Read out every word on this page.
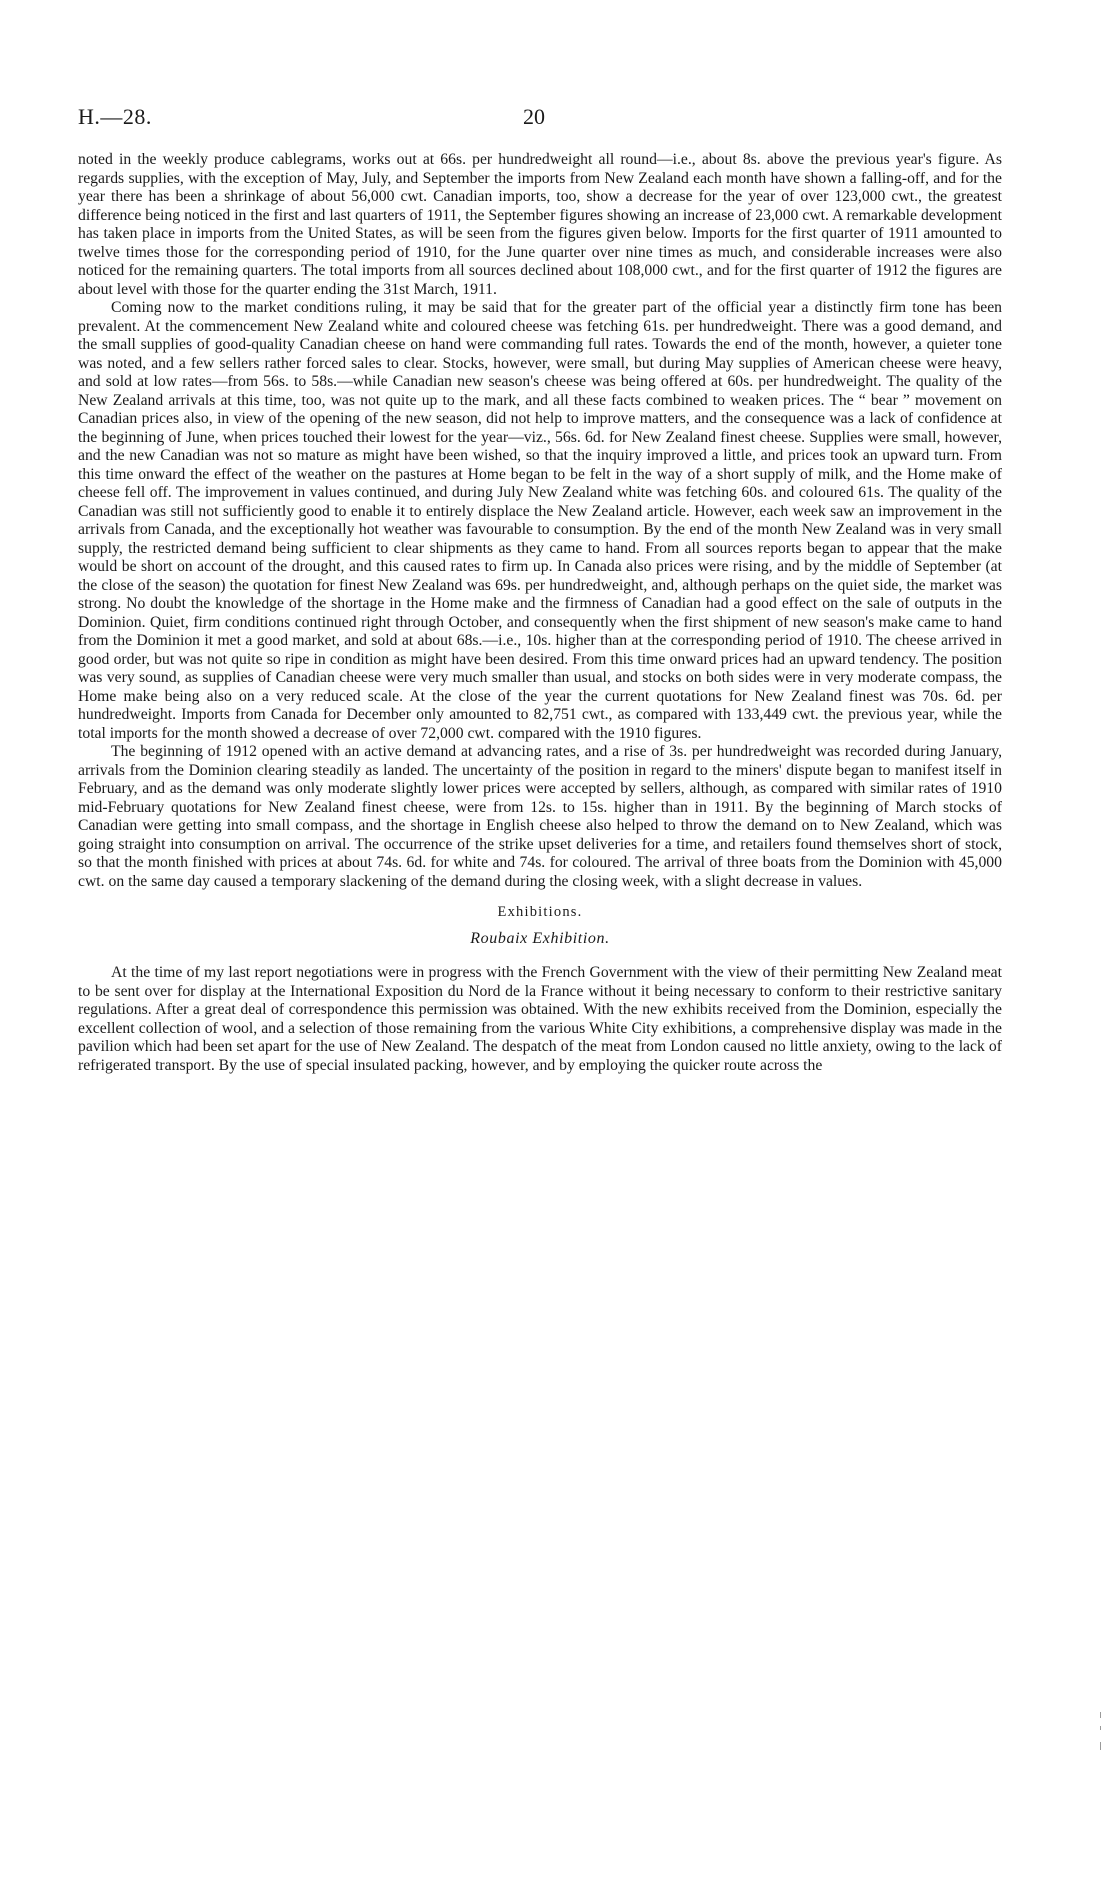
H.—28.	20

noted in the weekly produce cablegrams, works out at 66s. per hundredweight all round—i.e., about 8s. above the previous year's figure. As regards supplies, with the exception of May, July, and September the imports from New Zealand each month have shown a falling-off, and for the year there has been a shrinkage of about 56,000 cwt. Canadian imports, too, show a decrease for the year of over 123,000 cwt., the greatest difference being noticed in the first and last quarters of 1911, the September figures showing an increase of 23,000 cwt. A remarkable development has taken place in imports from the United States, as will be seen from the figures given below. Imports for the first quarter of 1911 amounted to twelve times those for the corresponding period of 1910, for the June quarter over nine times as much, and considerable increases were also noticed for the remaining quarters. The total imports from all sources declined about 108,000 cwt., and for the first quarter of 1912 the figures are about level with those for the quarter ending the 31st March, 1911.

Coming now to the market conditions ruling, it may be said that for the greater part of the official year a distinctly firm tone has been prevalent. At the commencement New Zealand white and coloured cheese was fetching 61s. per hundredweight. There was a good demand, and the small supplies of good-quality Canadian cheese on hand were commanding full rates. Towards the end of the month, however, a quieter tone was noted, and a few sellers rather forced sales to clear. Stocks, however, were small, but during May supplies of American cheese were heavy, and sold at low rates—from 56s. to 58s.—while Canadian new season's cheese was being offered at 60s. per hundredweight. The quality of the New Zealand arrivals at this time, too, was not quite up to the mark, and all these facts combined to weaken prices. The “ bear ” movement on Canadian prices also, in view of the opening of the new season, did not help to improve matters, and the consequence was a lack of confidence at the beginning of June, when prices touched their lowest for the year—viz., 56s. 6d. for New Zealand finest cheese. Supplies were small, however, and the new Canadian was not so mature as might have been wished, so that the inquiry improved a little, and prices took an upward turn. From this time onward the effect of the weather on the pastures at Home began to be felt in the way of a short supply of milk, and the Home make of cheese fell off. The improvement in values continued, and during July New Zealand white was fetching 60s. and coloured 61s. The quality of the Canadian was still not sufficiently good to enable it to entirely displace the New Zealand article. However, each week saw an improvement in the arrivals from Canada, and the exceptionally hot weather was favourable to consumption. By the end of the month New Zealand was in very small supply, the restricted demand being sufficient to clear shipments as they came to hand. From all sources reports began to appear that the make would be short on account of the drought, and this caused rates to firm up. In Canada also prices were rising, and by the middle of September (at the close of the season) the quotation for finest New Zealand was 69s. per hundredweight, and, although perhaps on the quiet side, the market was strong. No doubt the knowledge of the shortage in the Home make and the firmness of Canadian had a good effect on the sale of outputs in the Dominion. Quiet, firm conditions continued right through October, and consequently when the first shipment of new season's make came to hand from the Dominion it met a good market, and sold at about 68s.—i.e., 10s. higher than at the corresponding period of 1910. The cheese arrived in good order, but was not quite so ripe in condition as might have been desired. From this time onward prices had an upward tendency. The position was very sound, as supplies of Canadian cheese were very much smaller than usual, and stocks on both sides were in very moderate compass, the Home make being also on a very reduced scale. At the close of the year the current quotations for New Zealand finest was 70s. 6d. per hundredweight. Imports from Canada for December only amounted to 82,751 cwt., as compared with 133,449 cwt. the previous year, while the total imports for the month showed a decrease of over 72,000 cwt. compared with the 1910 figures.

The beginning of 1912 opened with an active demand at advancing rates, and a rise of 3s. per hundredweight was recorded during January, arrivals from the Dominion clearing steadily as landed. The uncertainty of the position in regard to the miners' dispute began to manifest itself in February, and as the demand was only moderate slightly lower prices were accepted by sellers, although, as compared with similar rates of 1910 mid-February quotations for New Zealand finest cheese, were from 12s. to 15s. higher than in 1911. By the beginning of March stocks of Canadian were getting into small compass, and the shortage in English cheese also helped to throw the demand on to New Zealand, which was going straight into consumption on arrival. The occurrence of the strike upset deliveries for a time, and retailers found themselves short of stock, so that the month finished with prices at about 74s. 6d. for white and 74s. for coloured. The arrival of three boats from the Dominion with 45,000 cwt. on the same day caused a temporary slackening of the demand during the closing week, with a slight decrease in values.

Exhibitions.
Roubaix Exhibition.

At the time of my last report negotiations were in progress with the French Government with the view of their permitting New Zealand meat to be sent over for display at the International Exposition du Nord de la France without it being necessary to conform to their restrictive sanitary regulations. After a great deal of correspondence this permission was obtained. With the new exhibits received from the Dominion, especially the excellent collection of wool, and a selection of those remaining from the various White City exhibitions, a comprehensive display was made in the pavilion which had been set apart for the use of New Zealand. The despatch of the meat from London caused no little anxiety, owing to the lack of refrigerated transport. By the use of special insulated packing, however, and by employing the quicker route across the
